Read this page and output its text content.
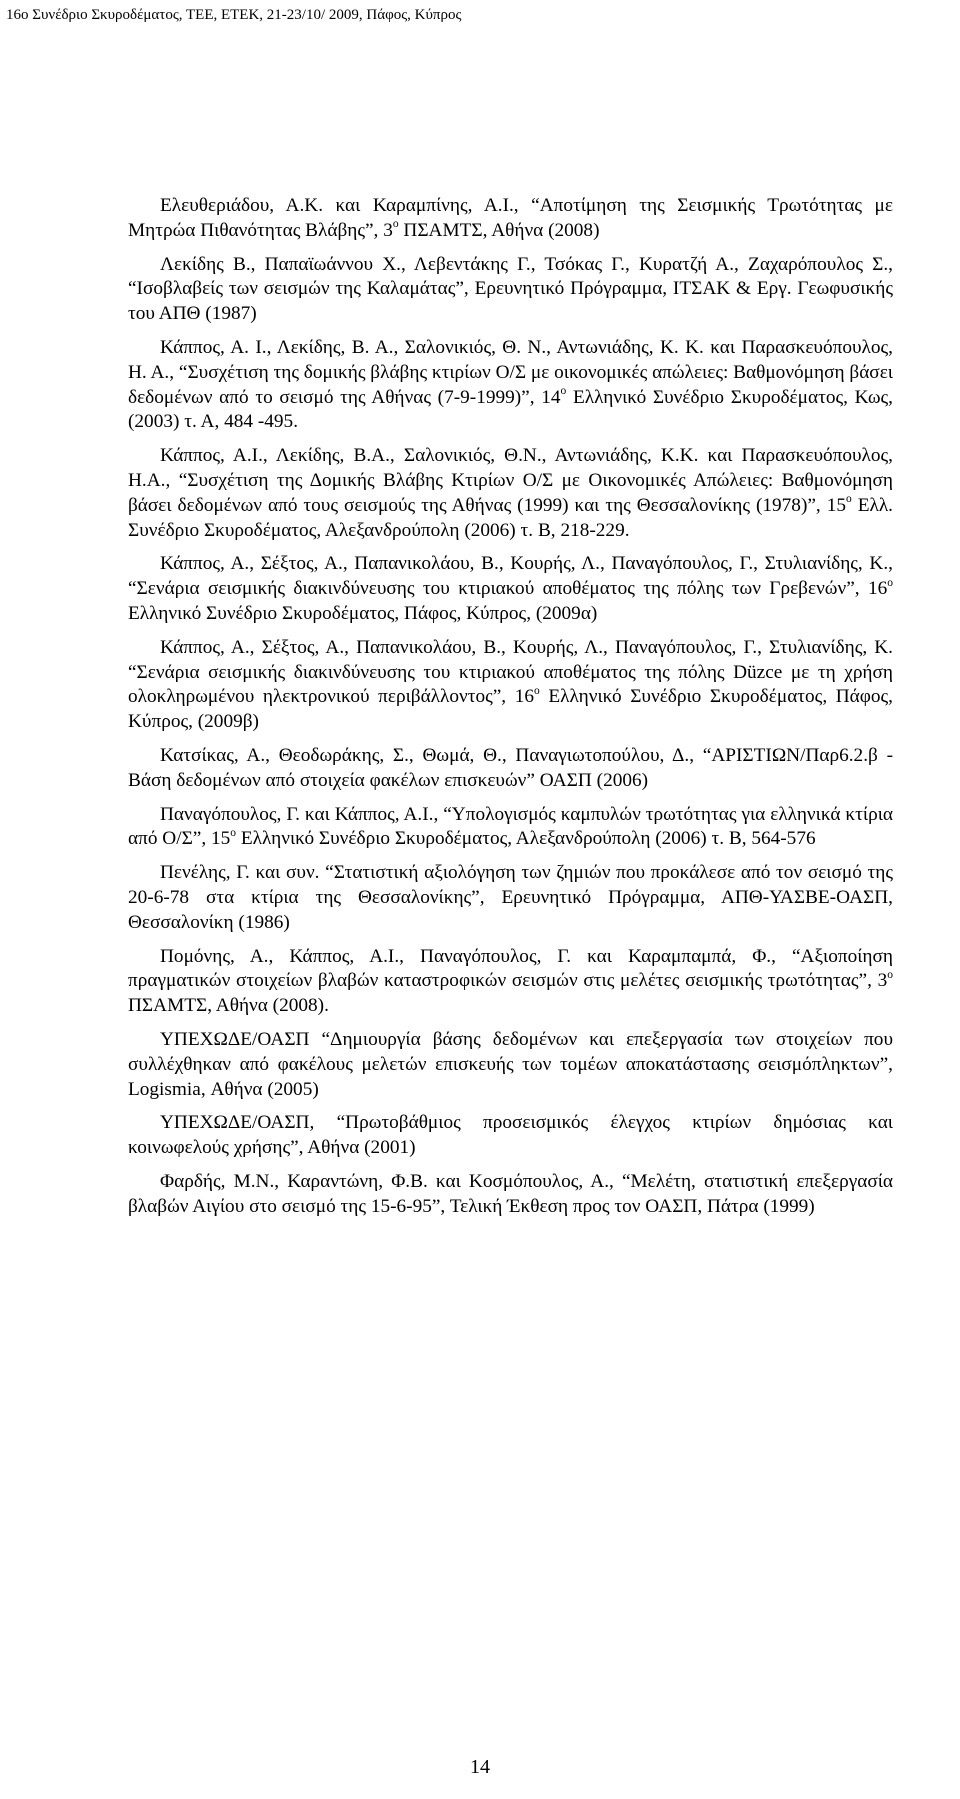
16ο Συνέδριο Σκυροδέματος, ΤΕΕ, ΕΤΕΚ, 21-23/10/ 2009, Πάφος, Κύπρος

Ελευθεριάδου, Α.Κ. και Καραμπίνης, Α.Ι., “Αποτίμηση της Σεισμικής Τρωτότητας με Μητρώα Πιθανότητας Βλάβης”, $3^o$ ΠΣΑΜΤΣ, Αθήνα (2008)

Λεκίδης Β., Παπαϊωάννου Χ., Λεβεντάκης Γ., Τσόκας Γ., Κυρατζή Α., Ζαχαρόπουλος Σ., “Ισοβλαβείς των σεισμών της Καλαμάτας”, Ερευνητικό Πρόγραμμα, ΙΤΣΑΚ & Εργ. Γεωφυσικής του ΑΠΘ (1987)

Κάππος, Α. Ι., Λεκίδης, Β. Α., Σαλονικιός, Θ. Ν., Αντωνιάδης, Κ. Κ. και Παρασκευόπουλος, Η. Α., “Συσχέτιση της δομικής βλάβης κτιρίων Ο/Σ με οικονομικές απώλειες: Βαθμονόμηση βάσει δεδομένων από το σεισμό της Αθήνας (7-9-1999)”, $14^o$ Ελληνικό Συνέδριο Σκυροδέματος, Κως, (2003) τ. Α, 484 -495.

Κάππος, Α.Ι., Λεκίδης, Β.Α., Σαλονικιός, Θ.Ν., Αντωνιάδης, Κ.Κ. και Παρασκευόπουλος, Η.Α., “Συσχέτιση της Δομικής Βλάβης Κτιρίων Ο/Σ με Οικονομικές Απώλειες: Βαθμονόμηση βάσει δεδομένων από τους σεισμούς της Αθήνας (1999) και της Θεσσαλονίκης (1978)”, $15^o$ Ελλ. Συνέδριο Σκυροδέματος, Αλεξανδρούπολη (2006) τ. Β, 218-229.

Κάππος, Α., Σέξτος, Α., Παπανικολάου, Β., Κουρής, Λ., Παναγόπουλος, Γ., Στυλιανίδης, Κ., “Σενάρια σεισμικής διακινδύνευσης του κτιριακού αποθέματος της πόλης των Γρεβενών”, $16^o$ Ελληνικό Συνέδριο Σκυροδέματος, Πάφος, Κύπρος, (2009α)

Κάππος, Α., Σέξτος, Α., Παπανικολάου, Β., Κουρής, Λ., Παναγόπουλος, Γ., Στυλιανίδης, Κ. “Σενάρια σεισμικής διακινδύνευσης του κτιριακού αποθέματος της πόλης Düzce με τη χρήση ολοκληρωμένου ηλεκτρονικού περιβάλλοντος”, $16^o$ Ελληνικό Συνέδριο Σκυροδέματος, Πάφος, Κύπρος, (2009β)

Κατσίκας, Α., Θεοδωράκης, Σ., Θωμά, Θ., Παναγιωτοπούλου, Δ., “ΑΡΙΣΤΙΩΝ/Παρ6.2.β - Βάση δεδομένων από στοιχεία φακέλων επισκευών” ΟΑΣΠ (2006)

Παναγόπουλος, Γ. και Κάππος, Α.Ι., “Υπολογισμός καμπυλών τρωτότητας για ελληνικά κτίρια από Ο/Σ”, $15^o$ Ελληνικό Συνέδριο Σκυροδέματος, Αλεξανδρούπολη (2006) τ. Β, 564-576

Πενέλης, Γ. και συν. “Στατιστική αξιολόγηση των ζημιών που προκάλεσε από τον σεισμό της 20-6-78 στα κτίρια της Θεσσαλονίκης”, Ερευνητικό Πρόγραμμα, ΑΠΘ-ΥΑΣΒΕ-ΟΑΣΠ, Θεσσαλονίκη (1986)

Πομόνης, Α., Κάππος, Α.Ι., Παναγόπουλος, Γ. και Καραμπαμπά, Φ., “Αξιοποίηση πραγματικών στοιχείων βλαβών καταστροφικών σεισμών στις μελέτες σεισμικής τρωτότητας”, $3^o$ ΠΣΑΜΤΣ, Αθήνα (2008).

ΥΠΕΧΩΔΕ/ΟΑΣΠ “Δημιουργία βάσης δεδομένων και επεξεργασία των στοιχείων που συλλέχθηκαν από φακέλους μελετών επισκευής των τομέων αποκατάστασης σεισμόπληκτων”, Logismia, Αθήνα (2005)

ΥΠΕΧΩΔΕ/ΟΑΣΠ, “Πρωτοβάθμιος προσεισμικός έλεγχος κτιρίων δημόσιας και κοινωφελούς χρήσης”, Αθήνα (2001)

Φαρδής, Μ.Ν., Καραντώνη, Φ.Β. και Κοσμόπουλος, Α., “Μελέτη, στατιστική επεξεργασία βλαβών Αιγίου στο σεισμό της 15-6-95”, Τελική Έκθεση προς τον ΟΑΣΠ, Πάτρα (1999)

14
